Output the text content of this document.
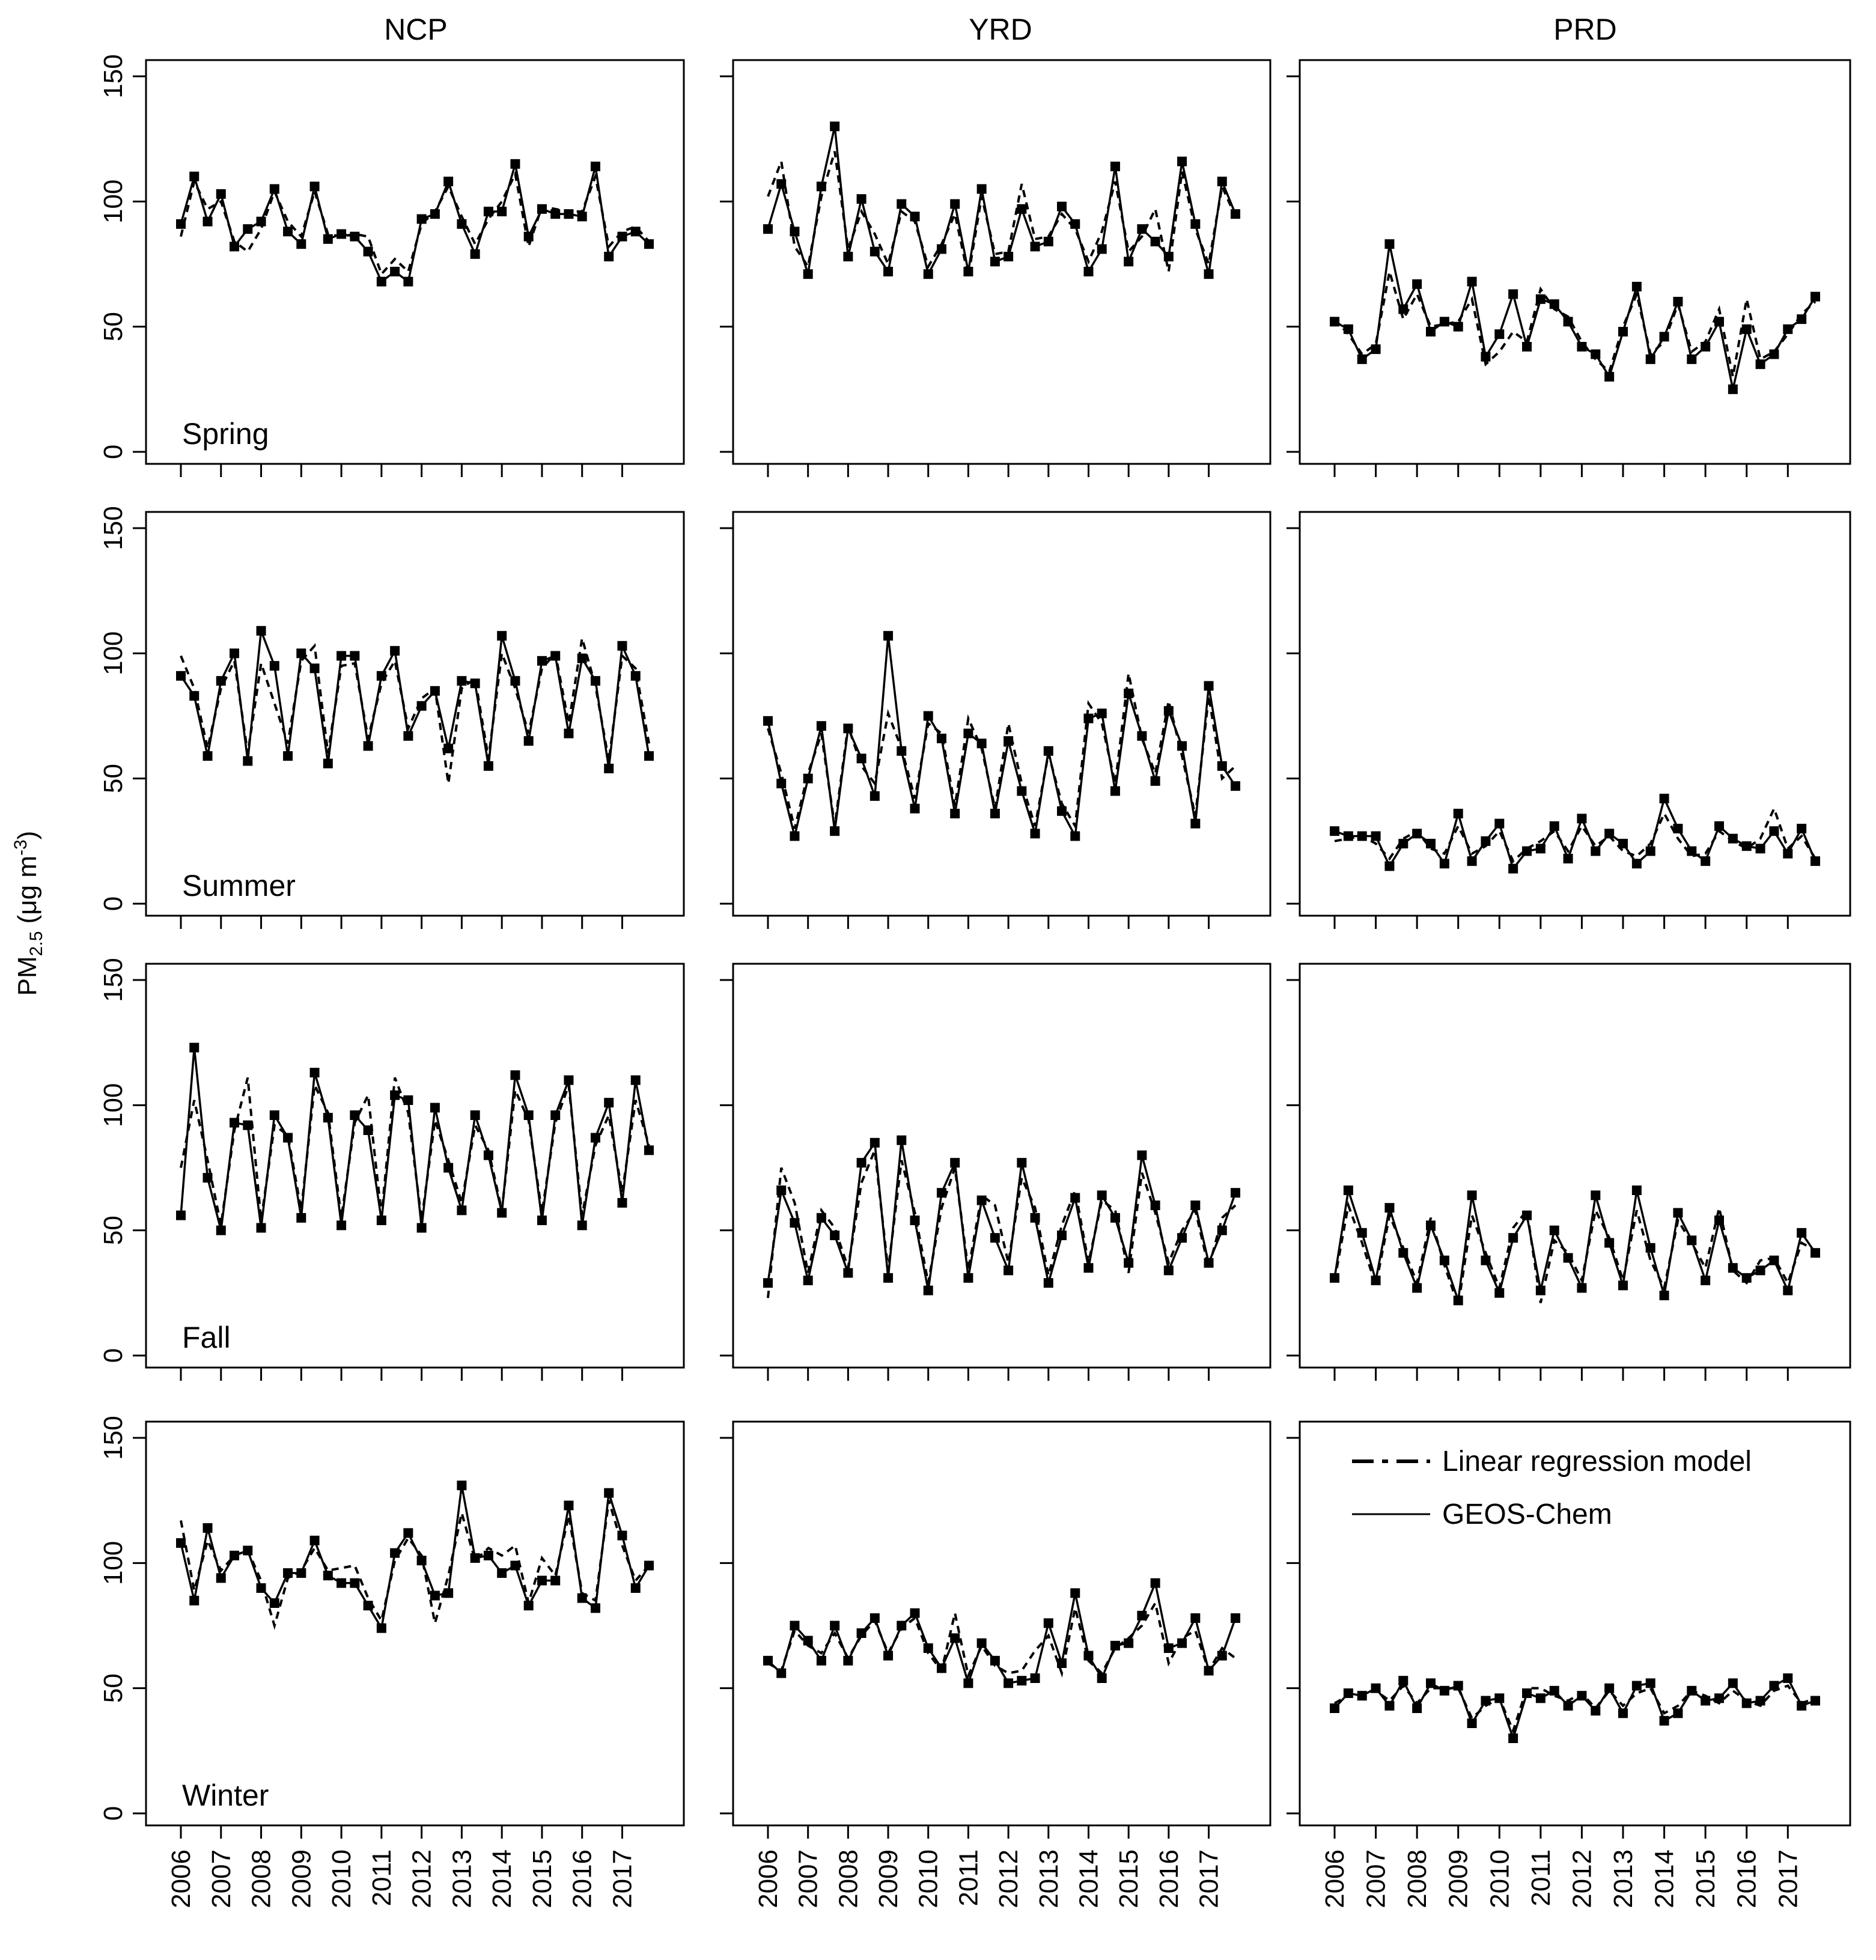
NCP	YRD	PRD
$PM_{2.5}$ (μg $m^{-3}$)
0
50
100
150
Spring
0
50
100
150
Summer
0
50
100
150
Fall
0
50
100
150
2006 2007 2008 2009 2010 2011 2012 2013 2014 2015 2016 2017
Winter
2006 2007 2008 2009 2010 2011 2012 2013 2014 2015 2016 2017	2006 2007 2008 2009 2010 2011 2012 2013 2014 2015 2016 2017
Linear regression model
GEOS-Chem
